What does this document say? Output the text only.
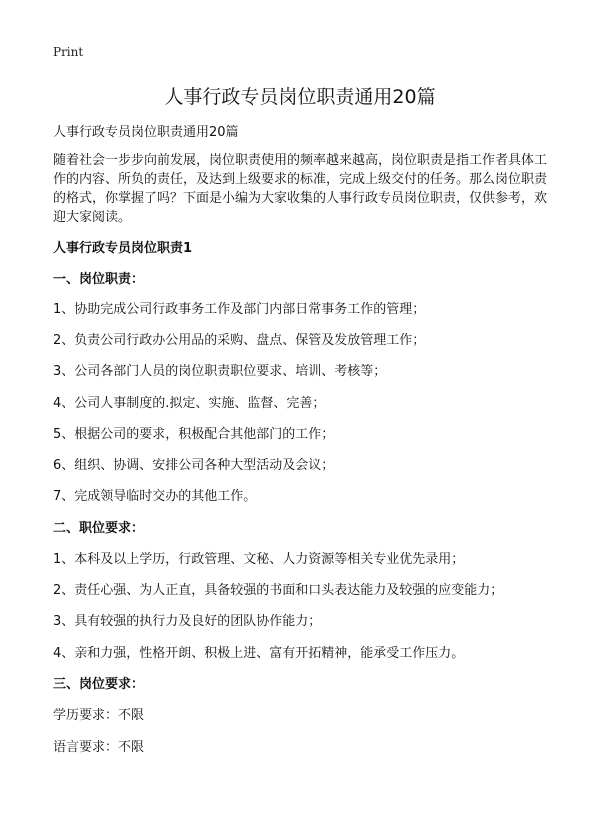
Print
人事行政专员岗位职责通用20篇

人事行政专员岗位职责通用20篇

随着社会一步步向前发展，岗位职责使用的频率越来越高，岗位职责是指工作者具体工作的内容、所负的责任，及达到上级要求的标准，完成上级交付的任务。那么岗位职责的格式，你掌握了吗？下面是小编为大家收集的人事行政专员岗位职责，仅供参考，欢迎大家阅读。

人事行政专员岗位职责1

一、岗位职责：

1、协助完成公司行政事务工作及部门内部日常事务工作的管理；

2、负责公司行政办公用品的采购、盘点、保管及发放管理工作；

3、公司各部门人员的岗位职责职位要求、培训、考核等；

4、公司人事制度的.拟定、实施、监督、完善；

5、根据公司的要求，积极配合其他部门的工作；

6、组织、协调、安排公司各种大型活动及会议；

7、完成领导临时交办的其他工作。

二、职位要求：

1、本科及以上学历，行政管理、文秘、人力资源等相关专业优先录用；

2、责任心强、为人正直，具备较强的书面和口头表达能力及较强的应变能力；

3、具有较强的执行力及良好的团队协作能力；

4、亲和力强，性格开朗、积极上进、富有开拓精神，能承受工作压力。

三、岗位要求：

学历要求：不限

语言要求：不限
